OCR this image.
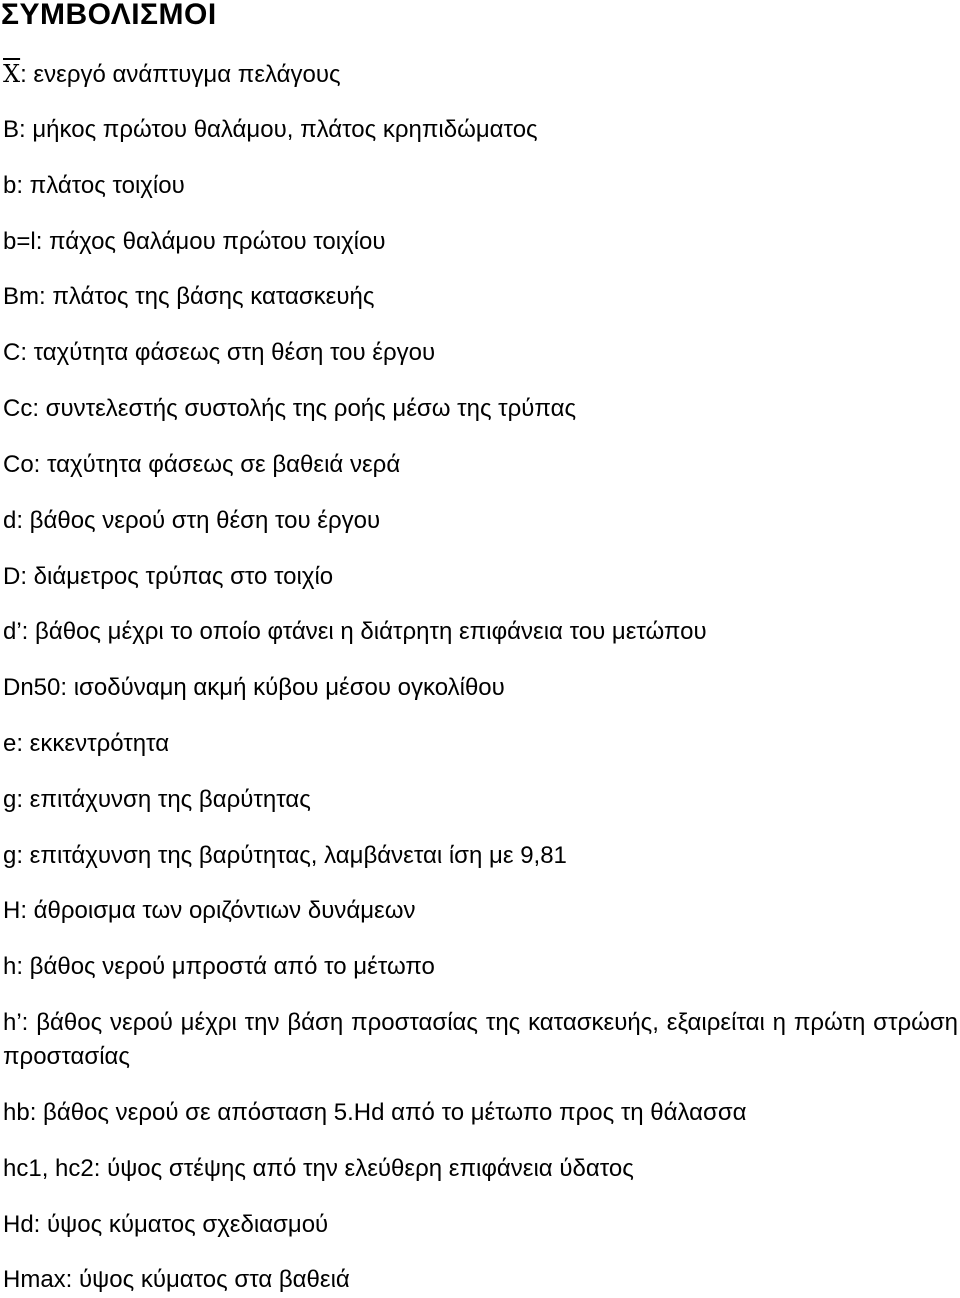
ΣΥΜΒΟΛΙΣΜΟΙ
$\overline{X}$: ενεργό ανάπτυγμα πελάγους
B: μήκος πρώτου θαλάμου, πλάτος κρηπιδώματος
b: πλάτος τοιχίου
b=l: πάχος θαλάμου πρώτου τοιχίου
Bm: πλάτος της βάσης κατασκευής
C: ταχύτητα φάσεως στη θέση του έργου
Cc: συντελεστής συστολής της ροής μέσω της τρύπας
Co: ταχύτητα φάσεως σε βαθειά νερά
d: βάθος νερού στη θέση του έργου
D: διάμετρος τρύπας στο τοιχίο
d’: βάθος μέχρι το οποίο φτάνει η διάτρητη επιφάνεια του μετώπου
Dn50: ισοδύναμη ακμή κύβου μέσου ογκολίθου
e: εκκεντρότητα
g: επιτάχυνση της βαρύτητας
g: επιτάχυνση της βαρύτητας, λαμβάνεται ίση με 9,81
H: άθροισμα των οριζόντιων δυνάμεων
h: βάθος νερού μπροστά από το μέτωπο
h’: βάθος νερού μέχρι την βάση προστασίας της κατασκευής, εξαιρείται η πρώτη στρώση προστασίας
hb: βάθος νερού σε απόσταση 5.Hd από το μέτωπο προς τη θάλασσα
hc1, hc2: ύψος στέψης από την ελεύθερη επιφάνεια ύδατος
Hd: ύψος κύματος σχεδιασμού
Hmax: ύψος κύματος στα βαθειά
